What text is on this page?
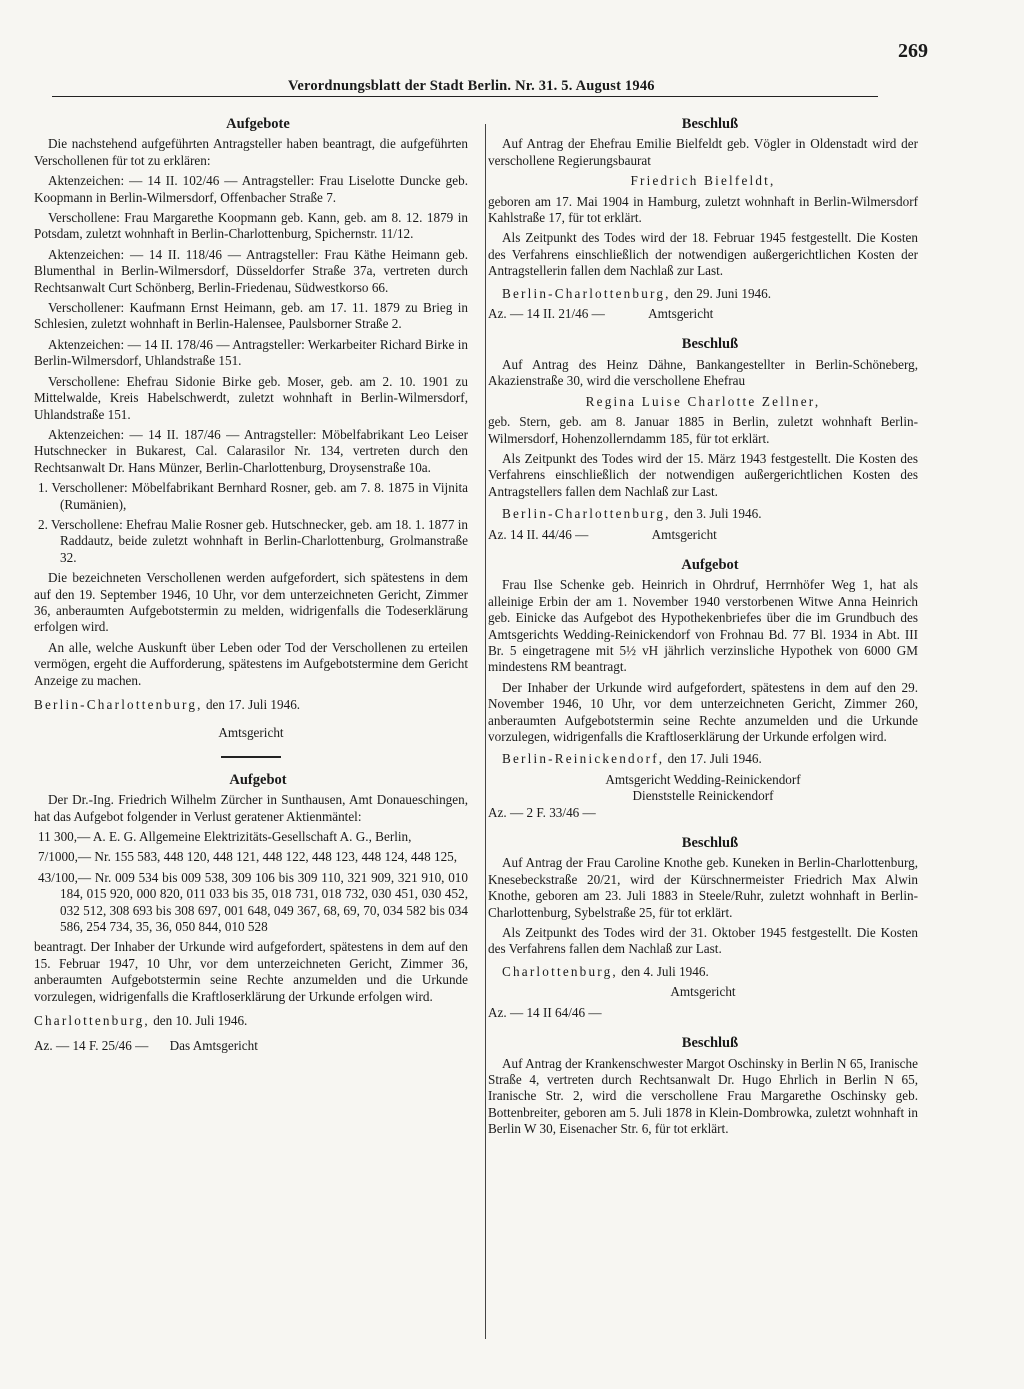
Verordnungsblatt der Stadt Berlin. Nr. 31. 5. August 1946
269

Aufgebote

Die nachstehend aufgeführten Antragsteller haben beantragt, die aufgeführten Verschollenen für tot zu erklären:

Aktenzeichen: — 14 II. 102/46 — Antragsteller: Frau Liselotte Duncke geb. Koopmann in Berlin-Wilmersdorf, Offenbacher Straße 7.

Verschollene: Frau Margarethe Koopmann geb. Kann, geb. am 8. 12. 1879 in Potsdam, zuletzt wohnhaft in Berlin-Charlottenburg, Spichernstr. 11/12.

Aktenzeichen: — 14 II. 118/46 — Antragsteller: Frau Käthe Heimann geb. Blumenthal in Berlin-Wilmersdorf, Düsseldorfer Straße 37a, vertreten durch Rechtsanwalt Curt Schönberg, Berlin-Friedenau, Südwestkorso 66.

Verschollener: Kaufmann Ernst Heimann, geb. am 17. 11. 1879 zu Brieg in Schlesien, zuletzt wohnhaft in Berlin-Halensee, Paulsborner Straße 2.

Aktenzeichen: — 14 II. 178/46 — Antragsteller: Werkarbeiter Richard Birke in Berlin-Wilmersdorf, Uhlandstraße 151.

Verschollene: Ehefrau Sidonie Birke geb. Moser, geb. am 2. 10. 1901 zu Mittelwalde, Kreis Habelschwerdt, zuletzt wohnhaft in Berlin-Wilmersdorf, Uhlandstraße 151.

Aktenzeichen: — 14 II. 187/46 — Antragsteller: Möbelfabrikant Leo Leiser Hutschnecker in Bukarest, Cal. Calarasilor Nr. 134, vertreten durch den Rechtsanwalt Dr. Hans Münzer, Berlin-Charlottenburg, Droysenstraße 10a.

1. Verschollener: Möbelfabrikant Bernhard Rosner, geb. am 7. 8. 1875 in Vijnita (Rumänien),

2. Verschollene: Ehefrau Malie Rosner geb. Hutschnecker, geb. am 18. 1. 1877 in Raddautz, beide zuletzt wohnhaft in Berlin-Charlottenburg, Grolmanstraße 32.

Die bezeichneten Verschollenen werden aufgefordert, sich spätestens in dem auf den 19. September 1946, 10 Uhr, vor dem unterzeichneten Gericht, Zimmer 36, anberaumten Aufgebotstermin zu melden, widrigenfalls die Todeserklärung erfolgen wird.

An alle, welche Auskunft über Leben oder Tod der Verschollenen zu erteilen vermögen, ergeht die Aufforderung, spätestens im Aufgebotstermine dem Gericht Anzeige zu machen.

Berlin-Charlottenburg, den 17. Juli 1946.

Amtsgericht

Aufgebot

Der Dr.-Ing. Friedrich Wilhelm Zürcher in Sunthausen, Amt Donaueschingen, hat das Aufgebot folgender in Verlust geratener Aktienmäntel:

11 300,— A. E. G. Allgemeine Elektrizitäts-Gesellschaft A. G., Berlin,

7/1000,— Nr. 155 583, 448 120, 448 121, 448 122, 448 123, 448 124, 448 125,

43/100,— Nr. 009 534 bis 009 538, 309 106 bis 309 110, 321 909, 321 910, 010 184, 015 920, 000 820, 011 033 bis 35, 018 731, 018 732, 030 451, 030 452, 032 512, 308 693 bis 308 697, 001 648, 049 367, 68, 69, 70, 034 582 bis 034 586, 254 734, 35, 36, 050 844, 010 528

beantragt. Der Inhaber der Urkunde wird aufgefordert, spätestens in dem auf den 15. Februar 1947, 10 Uhr, vor dem unterzeichneten Gericht, Zimmer 36, anberaumten Aufgebotstermin seine Rechte anzumelden und die Urkunde vorzulegen, widrigenfalls die Kraftloserklärung der Urkunde erfolgen wird.

Charlottenburg, den 10. Juli 1946.

Az. — 14 F. 25/46 — Das Amtsgericht

Beschluß

Auf Antrag der Ehefrau Emilie Bielfeldt geb. Vögler in Oldenstadt wird der verschollene Regierungsbaurat

Friedrich Bielfeldt,

geboren am 17. Mai 1904 in Hamburg, zuletzt wohnhaft in Berlin-Wilmersdorf Kahlstraße 17, für tot erklärt.

Als Zeitpunkt des Todes wird der 18. Februar 1945 festgestellt. Die Kosten des Verfahrens einschließlich der notwendigen außergerichtlichen Kosten der Antragstellerin fallen dem Nachlaß zur Last.

Berlin-Charlottenburg, den 29. Juni 1946.

Az. — 14 II. 21/46 —	Amtsgericht

Beschluß

Auf Antrag des Heinz Dähne, Bankangestellter in Berlin-Schöneberg, Akazienstraße 30, wird die verschollene Ehefrau

Regina Luise Charlotte Zellner,

geb. Stern, geb. am 8. Januar 1885 in Berlin, zuletzt wohnhaft Berlin-Wilmersdorf, Hohenzollerndamm 185, für tot erklärt.

Als Zeitpunkt des Todes wird der 15. März 1943 festgestellt. Die Kosten des Verfahrens einschließlich der notwendigen außergerichtlichen Kosten des Antragstellers fallen dem Nachlaß zur Last.

Berlin-Charlottenburg, den 3. Juli 1946.

Az. 14 II. 44/46 —	Amtsgericht

Aufgebot

Frau Ilse Schenke geb. Heinrich in Ohrdruf, Herrnhöfer Weg 1, hat als alleinige Erbin der am 1. November 1940 verstorbenen Witwe Anna Heinrich geb. Einicke das Aufgebot des Hypothekenbriefes über die im Grundbuch des Amtsgerichts Wedding-Reinickendorf von Frohnau Bd. 77 Bl. 1934 in Abt. III Br. 5 eingetragene mit 5½ vH jährlich verzinsliche Hypothek von 6000 GM mindestens RM beantragt.

Der Inhaber der Urkunde wird aufgefordert, spätestens in dem auf den 29. November 1946, 10 Uhr, vor dem unterzeichneten Gericht, Zimmer 260, anberaumten Aufgebotstermin seine Rechte anzumelden und die Urkunde vorzulegen, widrigenfalls die Kraftloserklärung der Urkunde erfolgen wird.

Berlin-Reinickendorf, den 17. Juli 1946.

Amtsgericht Wedding-Reinickendorf

Dienststelle Reinickendorf

Az. — 2 F. 33/46 —

Beschluß

Auf Antrag der Frau Caroline Knothe geb. Kuneken in Berlin-Charlottenburg, Knesebeckstraße 20/21, wird der Kürschnermeister Friedrich Max Alwin Knothe, geboren am 23. Juli 1883 in Steele/Ruhr, zuletzt wohnhaft in Berlin-Charlottenburg, Sybelstraße 25, für tot erklärt.

Als Zeitpunkt des Todes wird der 31. Oktober 1945 festgestellt. Die Kosten des Verfahrens fallen dem Nachlaß zur Last.

Charlottenburg, den 4. Juli 1946.

Amtsgericht

Az. — 14 II 64/46 —

Beschluß

Auf Antrag der Krankenschwester Margot Oschinsky in Berlin N 65, Iranische Straße 4, vertreten durch Rechtsanwalt Dr. Hugo Ehrlich in Berlin N 65, Iranische Str. 2, wird die verschollene Frau Margarethe Oschinsky geb. Bottenbreiter, geboren am 5. Juli 1878 in Klein-Dombrowka, zuletzt wohnhaft in Berlin W 30, Eisenacher Str. 6, für tot erklärt.
